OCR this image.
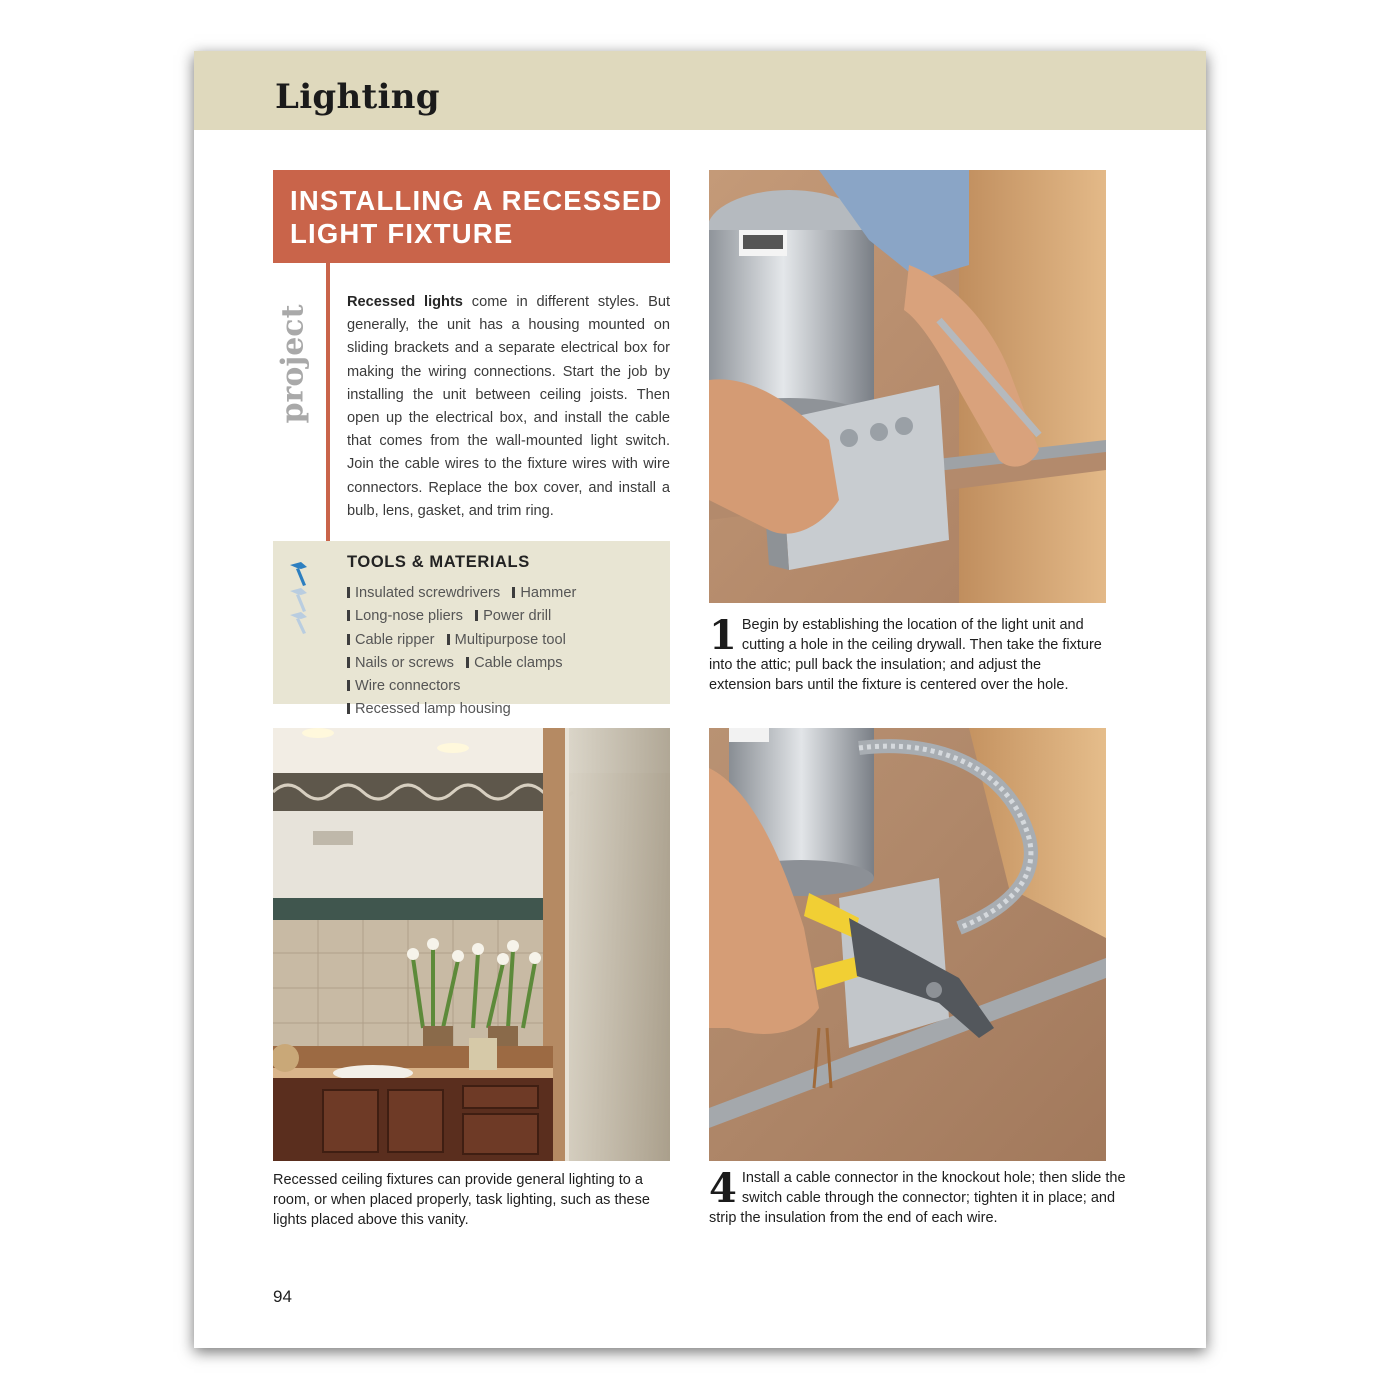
Lighting
INSTALLING A RECESSED
LIGHT FIXTURE
project

Recessed lights come in different styles. But generally, the unit has a housing mounted on sliding brackets and a separate electrical box for making the wiring connections. Start the job by installing the unit between ceiling joists. Then open up the electrical box, and install the cable that comes from the wall-mounted light switch. Join the cable wires to the fixture wires with wire connectors. Replace the box cover, and install a bulb, lens, gasket, and trim ring.

TOOLS & MATERIALS

Insulated screwdrivers Hammer
Long-nose pliers Power drill   Cable ripper Multipurpose tool   Nails or screws Cable clamps   Wire connectors
Recessed lamp housing

1 Begin by establishing the location of the light unit and cutting a hole in the ceiling drywall. Then take the fixture into the attic; pull back the insulation; and adjust the extension bars until the fixture is centered over the hole.

Recessed ceiling fixtures can provide general lighting to a room, or when placed properly, task lighting, such as these lights placed above this vanity.

4 Install a cable connector in the knockout hole; then slide the switch cable through the connector; tighten it in place; and strip the insulation from the end of each wire.

94
